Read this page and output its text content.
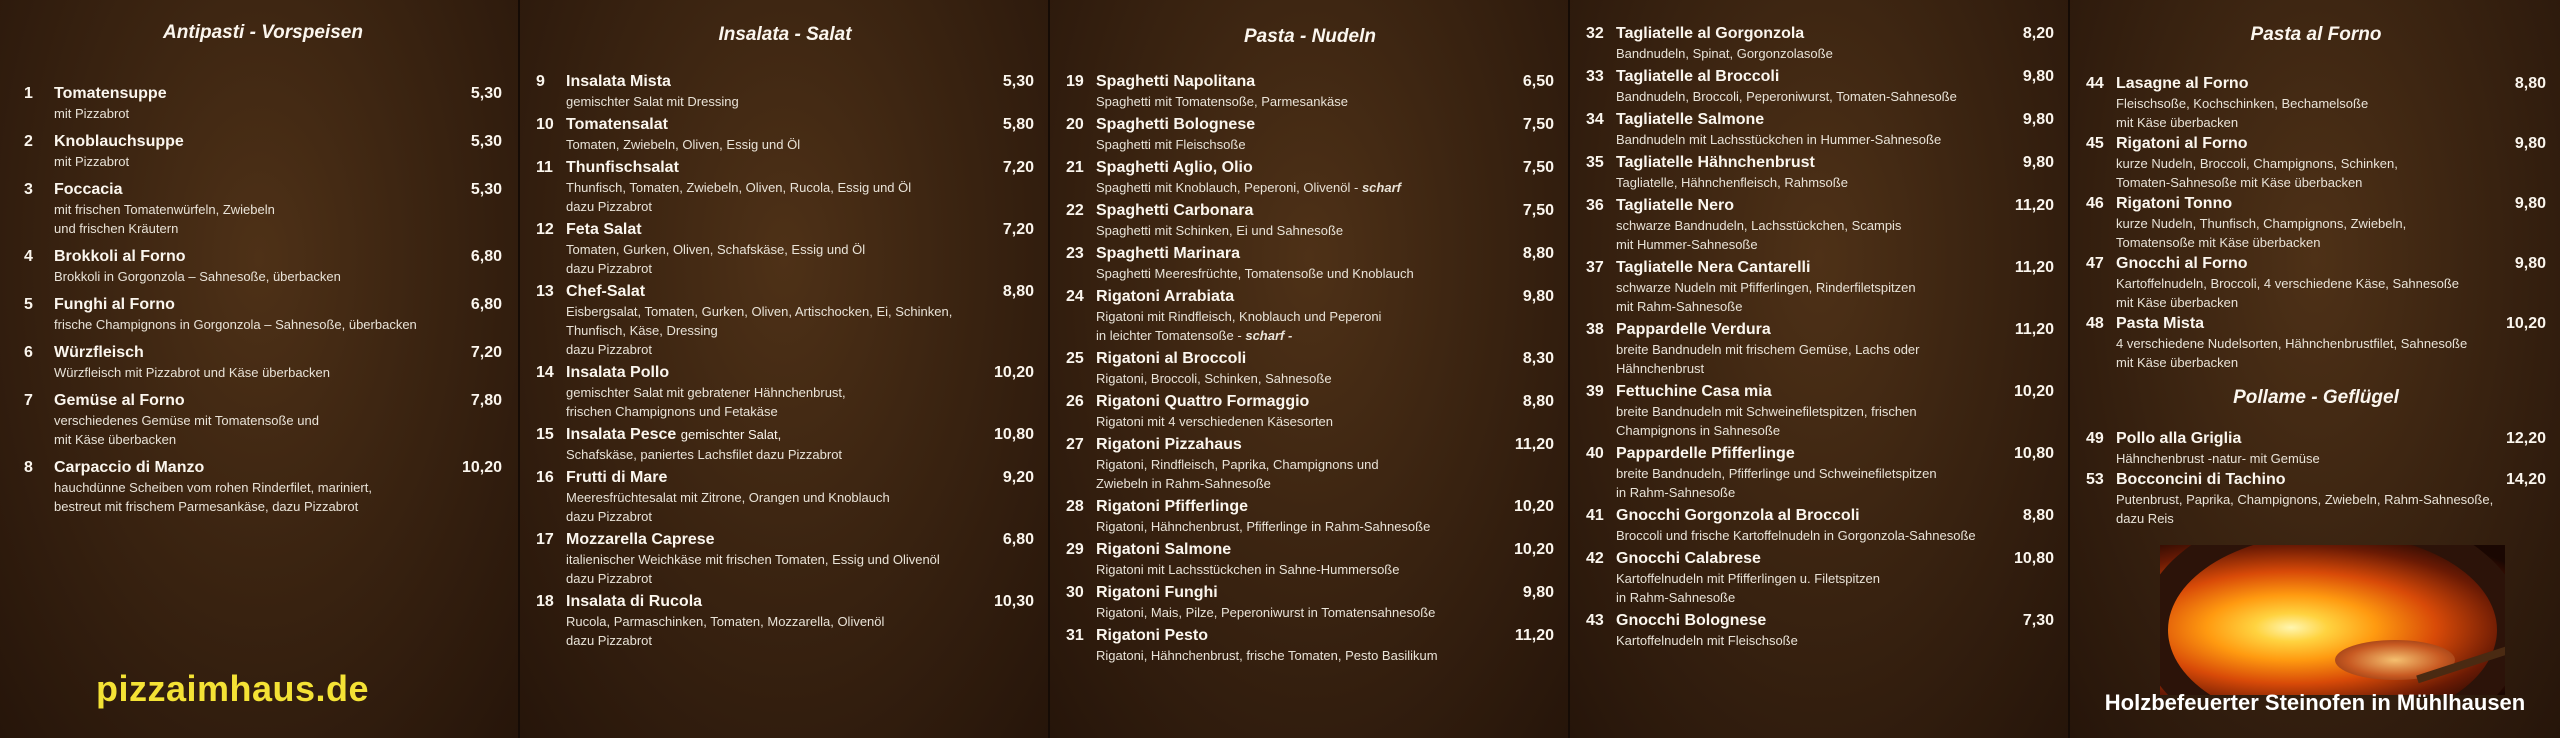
Antipasti - Vorspeisen
1	Tomatensuppe	5,30
mit Pizzabrot
2	Knoblauchsuppe	5,30
mit Pizzabrot
3	Foccacia	5,30
mit frischen Tomatenwürfeln, Zwiebeln
und frischen Kräutern
4	Brokkoli al Forno	6,80
Brokkoli in Gorgonzola – Sahnesoße, überbacken
5	Funghi al Forno	6,80
frische Champignons in Gorgonzola – Sahnesoße, überbacken
6	Würzfleisch	7,20
Würzfleisch mit Pizzabrot und Käse überbacken
7	Gemüse al Forno	7,80
verschiedenes Gemüse mit Tomatensoße und
mit Käse überbacken
8	Carpaccio di Manzo	10,20
hauchdünne Scheiben vom rohen Rinderfilet, mariniert,
bestreut mit frischem Parmesankäse, dazu Pizzabrot
pizzaimhaus.de
Insalata - Salat
9	Insalata Mista	5,30
gemischter Salat mit Dressing
10 Tomatensalat	5,80
Tomaten, Zwiebeln, Oliven, Essig und Öl
11 Thunfischsalat	7,20
Thunfisch, Tomaten, Zwiebeln, Oliven, Rucola, Essig und Öl
dazu Pizzabrot
12 Feta Salat	7,20
Tomaten, Gurken, Oliven, Schafskäse, Essig und Öl
dazu Pizzabrot
13 Chef-Salat	8,80
Eisbergsalat, Tomaten, Gurken, Oliven, Artischocken, Ei, Schinken,
Thunfisch, Käse, Dressing
dazu Pizzabrot
14 Insalata Pollo	10,20
gemischter Salat mit gebratener Hähnchenbrust,
frischen Champignons und Fetakäse
15 Insalata Pesce gemischter Salat,	10,80
Schafskäse, paniertes Lachsfilet dazu Pizzabrot
16 Frutti di Mare	9,20
Meeresfrüchtesalat mit Zitrone, Orangen und Knoblauch
dazu Pizzabrot
17 Mozzarella Caprese	6,80
italienischer Weichkäse mit frischen Tomaten, Essig und Olivenöl
dazu Pizzabrot
18 Insalata di Rucola	10,30
Rucola, Parmaschinken, Tomaten, Mozzarella, Olivenöl
dazu Pizzabrot
Pasta - Nudeln
19 Spaghetti Napolitana	6,50
Spaghetti mit Tomatensoße, Parmesankäse
20 Spaghetti Bolognese	7,50
Spaghetti mit Fleischsoße
21 Spaghetti Aglio, Olio	7,50
Spaghetti mit Knoblauch, Peperoni, Olivenöl - scharf
22 Spaghetti Carbonara	7,50
Spaghetti mit Schinken, Ei und Sahnesoße
23 Spaghetti Marinara	8,80
Spaghetti Meeresfrüchte, Tomatensoße und Knoblauch
24 Rigatoni Arrabiata	9,80
Rigatoni mit Rindfleisch, Knoblauch und Peperoni
in leichter Tomatensoße - scharf -
25 Rigatoni al Broccoli	8,30
Rigatoni, Broccoli, Schinken, Sahnesoße
26 Rigatoni Quattro Formaggio	8,80
Rigatoni mit 4 verschiedenen Käsesorten
27 Rigatoni Pizzahaus	11,20
Rigatoni, Rindfleisch, Paprika, Champignons und
Zwiebeln in Rahm-Sahnesoße
28 Rigatoni Pfifferlinge	10,20
Rigatoni, Hähnchenbrust, Pfifferlinge in Rahm-Sahnesoße
29 Rigatoni Salmone	10,20
Rigatoni mit Lachsstückchen in Sahne-Hummersoße
30 Rigatoni Funghi	9,80
Rigatoni, Mais, Pilze, Peperoniwurst in Tomatensahnesoße
31 Rigatoni Pesto	11,20
Rigatoni, Hähnchenbrust, frische Tomaten, Pesto Basilikum
32 Tagliatelle al Gorgonzola	8,20
Bandnudeln, Spinat, Gorgonzolasoße
33 Tagliatelle al Broccoli	9,80
Bandnudeln, Broccoli, Peperoniwurst, Tomaten-Sahnesoße
34 Tagliatelle Salmone	9,80
Bandnudeln mit Lachsstückchen in Hummer-Sahnesoße
35 Tagliatelle Hähnchenbrust	9,80
Tagliatelle, Hähnchenfleisch, Rahmsoße
36 Tagliatelle Nero	11,20
schwarze Bandnudeln, Lachsstückchen, Scampis
mit Hummer-Sahnesoße
37 Tagliatelle Nera Cantarelli	11,20
schwarze Nudeln mit Pfifferlingen, Rinderfiletspitzen
mit Rahm-Sahnesoße
38 Pappardelle Verdura	11,20
breite Bandnudeln mit frischem Gemüse, Lachs oder
Hähnchenbrust
39 Fettuchine Casa mia	10,20
breite Bandnudeln mit Schweinefiletspitzen, frischen
Champignons in Sahnesoße
40 Pappardelle Pfifferlinge	10,80
breite Bandnudeln, Pfifferlinge und Schweinefiletspitzen
in Rahm-Sahnesoße
41 Gnocchi Gorgonzola al Broccoli	8,80
Broccoli und frische Kartoffelnudeln in Gorgonzola-Sahnesoße
42 Gnocchi Calabrese	10,80
Kartoffelnudeln mit Pfifferlingen u. Filetspitzen
in Rahm-Sahnesoße
43 Gnocchi Bolognese	7,30
Kartoffelnudeln mit Fleischsoße
Pasta al Forno
44 Lasagne al Forno	8,80
Fleischsoße, Kochschinken, Bechamelsoße
mit Käse überbacken
45 Rigatoni al Forno	9,80
kurze Nudeln, Broccoli, Champignons, Schinken,
Tomaten-Sahnesoße mit Käse überbacken
46 Rigatoni Tonno	9,80
kurze Nudeln, Thunfisch, Champignons, Zwiebeln,
Tomatensoße mit Käse überbacken
47 Gnocchi al Forno	9,80
Kartoffelnudeln, Broccoli, 4 verschiedene Käse, Sahnesoße
mit Käse überbacken
48 Pasta Mista	10,20
4 verschiedene Nudelsorten, Hähnchenbrustfilet, Sahnesoße
mit Käse überbacken
Pollame - Geflügel
49 Pollo alla Griglia	12,20
Hähnchenbrust -natur- mit Gemüse
53 Bocconcini di Tachino	14,20
Putenbrust, Paprika, Champignons, Zwiebeln, Rahm-Sahnesoße,
dazu Reis
Holzbefeuerter Steinofen in Mühlhausen
